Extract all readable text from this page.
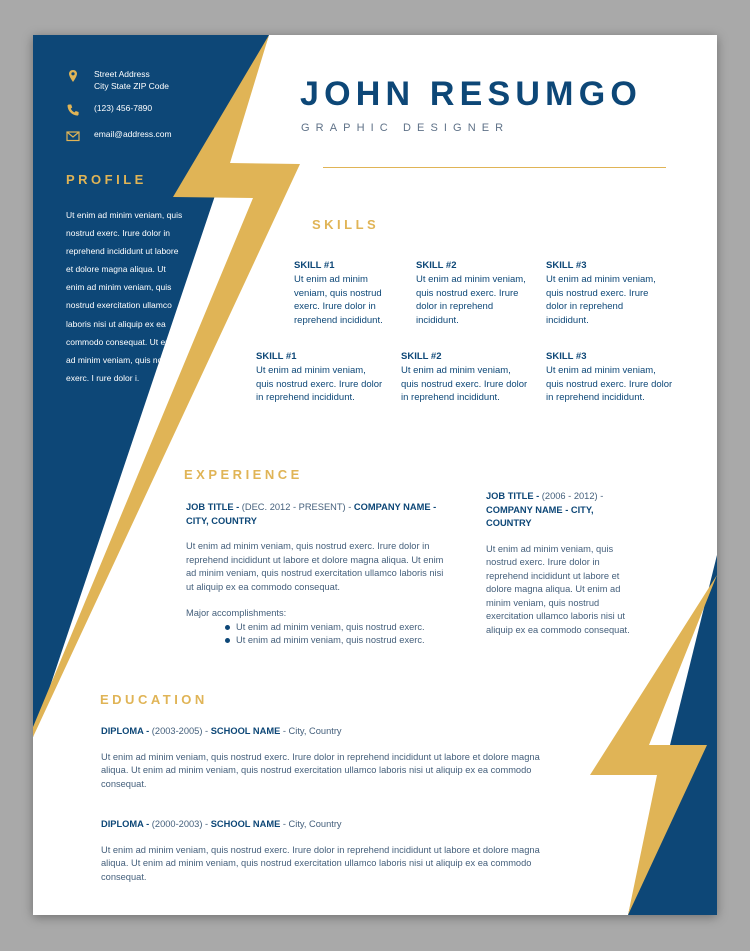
Street Address
City State ZIP Code
(123) 456-7890
email@address.com
PROFILE
Ut enim ad minim veniam, quis nostrud exerc. Irure dolor in reprehend incididunt ut labore et dolore magna aliqua. Ut enim ad minim veniam, quis nostrud exercitation ullamco laboris nisi ut aliquip ex ea commodo consequat. Ut enim ad minim veniam, quis nostrud exerc. I rure dolor i.
JOHN RESUMGO
GRAPHIC DESIGNER
SKILLS
SKILL #1
Ut enim ad minim veniam, quis nostrud exerc. Irure dolor in reprehend incididunt.
SKILL #2
Ut enim ad minim veniam, quis nostrud exerc. Irure dolor in reprehend incididunt.
SKILL #3
Ut enim ad minim veniam, quis nostrud exerc. Irure dolor in reprehend incididunt.
SKILL #1
Ut enim ad minim veniam, quis nostrud exerc. Irure dolor in reprehend incididunt.
SKILL #2
Ut enim ad minim veniam, quis nostrud exerc. Irure dolor in reprehend incididunt.
SKILL #3
Ut enim ad minim veniam, quis nostrud exerc. Irure dolor in reprehend incididunt.
EXPERIENCE
JOB TITLE - (DEC. 2012 - PRESENT) - COMPANY NAME - CITY, COUNTRY
Ut enim ad minim veniam, quis nostrud exerc. Irure dolor in reprehend incididunt ut labore et dolore magna aliqua. Ut enim ad minim veniam, quis nostrud exercitation ullamco laboris nisi ut aliquip ex ea commodo consequat.
Major accomplishments:
Ut enim ad minim veniam, quis nostrud exerc.
Ut enim ad minim veniam, quis nostrud exerc.
JOB TITLE - (2006 - 2012) - COMPANY NAME - CITY, COUNTRY
Ut enim ad minim veniam, quis nostrud exerc. Irure dolor in reprehend incididunt ut labore et dolore magna aliqua. Ut enim ad minim veniam, quis nostrud exercitation ullamco laboris nisi ut aliquip ex ea commodo consequat.
EDUCATION
DIPLOMA - (2003-2005) - SCHOOL NAME - City, Country
Ut enim ad minim veniam, quis nostrud exerc. Irure dolor in reprehend incididunt ut labore et dolore magna aliqua. Ut enim ad minim veniam, quis nostrud exercitation ullamco laboris nisi ut aliquip ex ea commodo consequat.
DIPLOMA - (2000-2003) - SCHOOL NAME - City, Country
Ut enim ad minim veniam, quis nostrud exerc. Irure dolor in reprehend incididunt ut labore et dolore magna aliqua. Ut enim ad minim veniam, quis nostrud exercitation ullamco laboris nisi ut aliquip ex ea commodo consequat.
